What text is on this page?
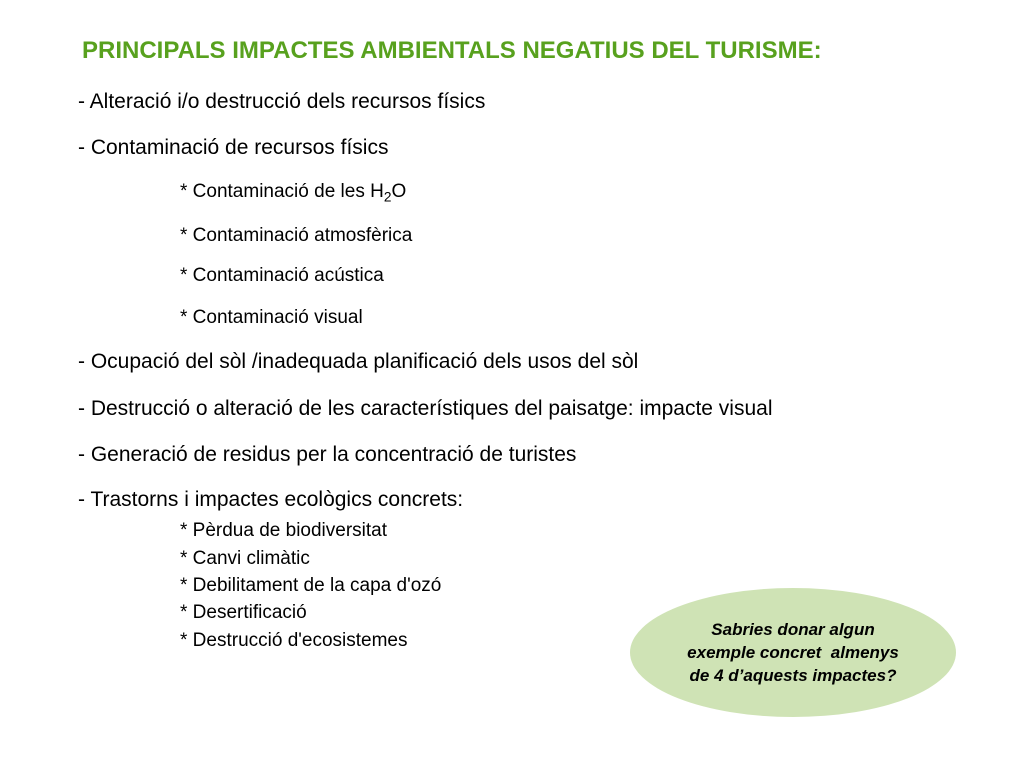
PRINCIPALS IMPACTES AMBIENTALS NEGATIUS DEL TURISME:
- Alteració i/o destrucció dels recursos físics
- Contaminació de recursos físics
* Contaminació de les $H_2O$
* Contaminació atmosfèrica
* Contaminació acústica
* Contaminació visual
- Ocupació del sòl /inadequada planificació dels usos del sòl
- Destrucció o alteració de les característiques del paisatge: impacte visual
- Generació de residus per la concentració de turistes
- Trastorns i impactes ecològics concrets:
* Pèrdua de biodiversitat
* Canvi climàtic
* Debilitament de la capa d'ozó
* Desertificació
* Destrucció d'ecosistemes
Sabries donar algun
exemple concret  almenys
de 4 d’aquests impactes?
